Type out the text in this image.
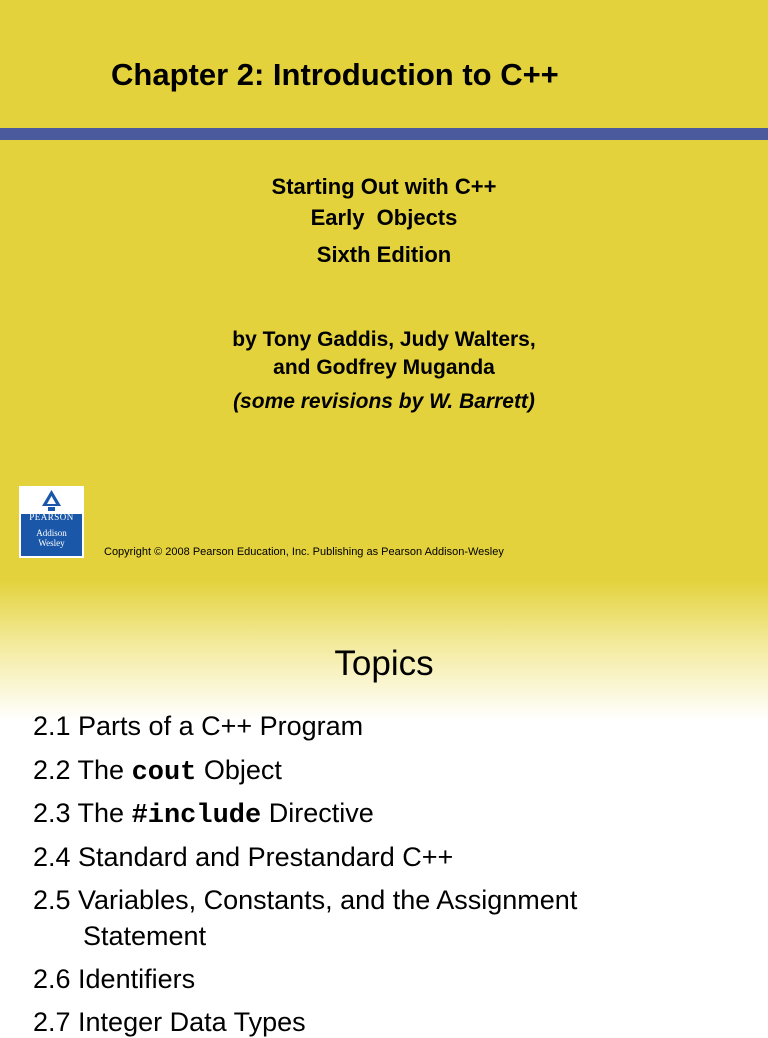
Chapter 2: Introduction to C++
Starting Out with C++
Early  Objects
Sixth Edition
by Tony Gaddis, Judy Walters,
and Godfrey Muganda
(some revisions by W. Barrett)
PEARSON
Addison
Wesley
Copyright © 2008 Pearson Education, Inc. Publishing as Pearson Addison-Wesley
Topics
2.1 Parts of a C++ Program
2.2 The cout Object
2.3 The #include Directive
2.4 Standard and Prestandard C++
2.5 Variables, Constants, and the Assignment
Statement
2.6 Identifiers
2.7 Integer Data Types
